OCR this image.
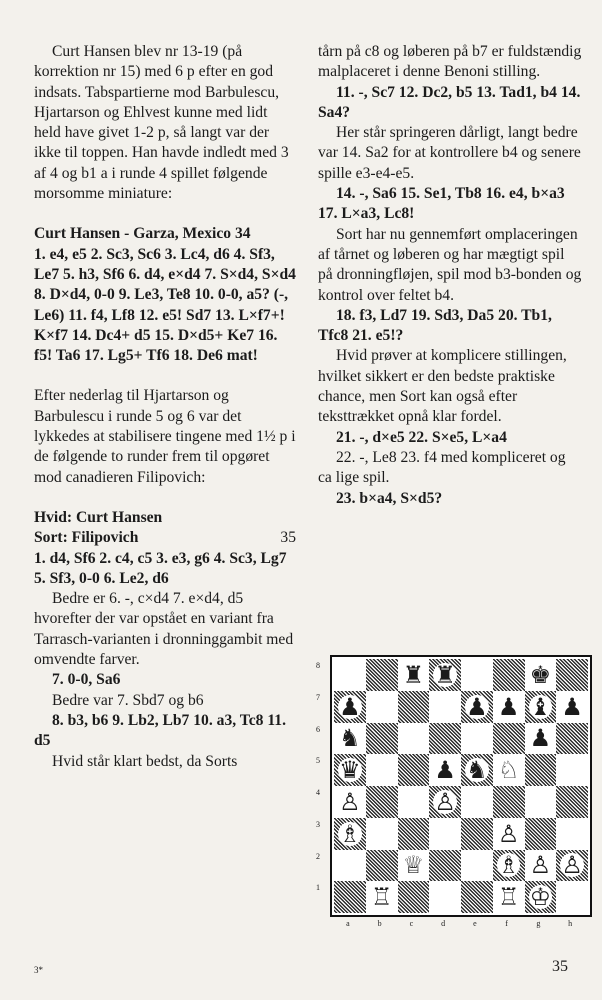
Curt Hansen blev nr 13-19 (på korrektion nr 15) med 6 p efter en god indsats. Tabspartierne mod Barbulescu, Hjartarson og Ehlvest kunne med lidt held have givet 1-2 p, så langt var der ikke til toppen. Han havde indledt med 3 af 4 og b1 a i runde 4 spillet følgende morsomme miniature:

Curt Hansen - Garza, Mexico 34

1. e4, e5 2. Sc3, Sc6 3. Lc4, d6 4. Sf3, Le7 5. h3, Sf6 6. d4, e×d4 7. S×d4, S×d4 8. D×d4, 0-0 9. Le3, Te8 10. 0-0, a5? (-, Le6) 11. f4, Lf8 12. e5! Sd7 13. L×f7+! K×f7 14. Dc4+ d5 15. D×d5+ Ke7 16. f5! Ta6 17. Lg5+ Tf6 18. De6 mat!

Efter nederlag til Hjartarson og Barbulescu i runde 5 og 6 var det lykkedes at stabilisere tingene med 1½ p i de følgende to runder frem til opgøret mod canadieren Filipovich:

Hvid: Curt Hansen

Sort: Filipovich	35

1. d4, Sf6 2. c4, c5 3. e3, g6 4. Sc3, Lg7 5. Sf3, 0-0 6. Le2, d6

Bedre er 6. -, c×d4 7. e×d4, d5 hvorefter der var opstået en variant fra Tarrasch-varianten i dronninggambit med omvendte farver.

7. 0-0, Sa6

Bedre var 7. Sbd7 og b6

8. b3, b6 9. Lb2, Lb7 10. a3, Tc8 11. d5

Hvid står klart bedst, da Sorts

tårn på c8 og løberen på b7 er fuldstændig malplaceret i denne Benoni stilling.

11. -, Sc7 12. Dc2, b5 13. Tad1, b4 14. Sa4?

Her står springeren dårligt, langt bedre var 14. Sa2 for at kontrollere b4 og senere spille e3-e4-e5.

14. -, Sa6 15. Se1, Tb8 16. e4, b×a3 17. L×a3, Lc8!

Sort har nu gennemført omplaceringen af tårnet og løberen og har mægtigt spil på dronningfløjen, spil mod b3-bonden og kontrol over feltet b4.

18. f3, Ld7 19. Sd3, Da5 20. Tb1, Tfc8 21. e5!?

Hvid prøver at komplicere stillingen, hvilket sikkert er den bedste praktiske chance, men Sort kan også efter teksttrækket opnå klar fordel.

21. -, d×e5 22. S×e5, L×a4

22. -, Le8 23. f4 med kompliceret og ca lige spil.

23. b×a4, S×d5?

8
7
6
5
4
3
2
1
♜ ♜	♚
♟	♟ ♟ ♝ ♟
♞	♟
♛	♟ ♞ ♘
♙	♙
♗	♙
♕	♗ ♙ ♙
♖	♖ ♔
a	b	c	d	e	f	g	h
3*	35
